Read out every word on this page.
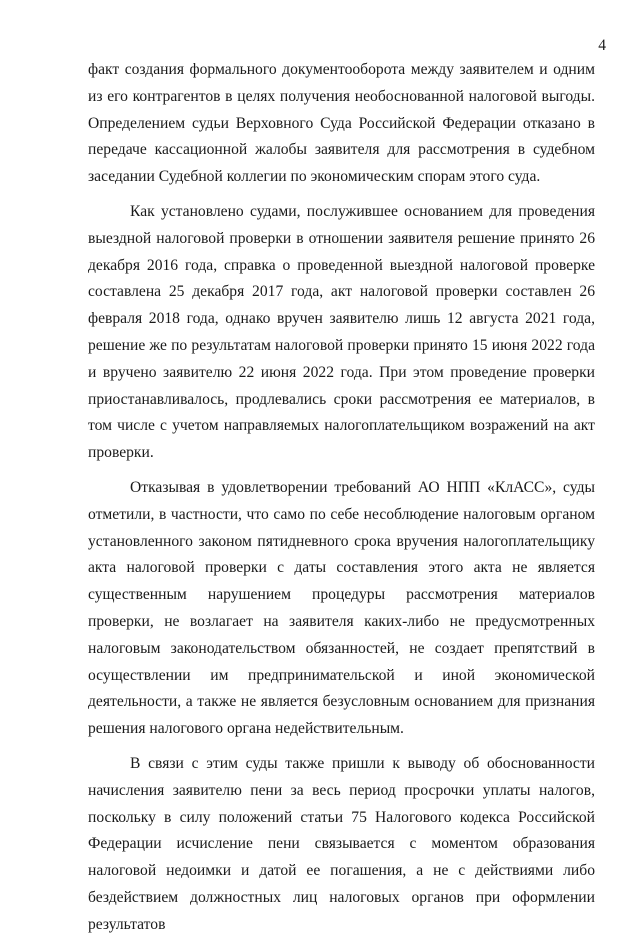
4

факт создания формального документооборота между заявителем и одним из его контрагентов в целях получения необоснованной налоговой выгоды. Определением судьи Верховного Суда Российской Федерации отказано в передаче кассационной жалобы заявителя для рассмотрения в судебном заседании Судебной коллегии по экономическим спорам этого суда.

Как установлено судами, послужившее основанием для проведения выездной налоговой проверки в отношении заявителя решение принято 26 декабря 2016 года, справка о проведенной выездной налоговой проверке составлена 25 декабря 2017 года, акт налоговой проверки составлен 26 февраля 2018 года, однако вручен заявителю лишь 12 августа 2021 года, решение же по результатам налоговой проверки принято 15 июня 2022 года и вручено заявителю 22 июня 2022 года. При этом проведение проверки приостанавливалось, продлевались сроки рассмотрения ее материалов, в том числе с учетом направляемых налогоплательщиком возражений на акт проверки.

Отказывая в удовлетворении требований АО НПП «КлАСС», суды отметили, в частности, что само по себе несоблюдение налоговым органом установленного законом пятидневного срока вручения налогоплательщику акта налоговой проверки с даты составления этого акта не является существенным нарушением процедуры рассмотрения материалов проверки, не возлагает на заявителя каких-либо не предусмотренных налоговым законодательством обязанностей, не создает препятствий в осуществлении им предпринимательской и иной экономической деятельности, а также не является безусловным основанием для признания решения налогового органа недействительным.

В связи с этим суды также пришли к выводу об обоснованности начисления заявителю пени за весь период просрочки уплаты налогов, поскольку в силу положений статьи 75 Налогового кодекса Российской Федерации исчисление пени связывается с моментом образования налоговой недоимки и датой ее погашения, а не с действиями либо бездействием должностных лиц налоговых органов при оформлении результатов
